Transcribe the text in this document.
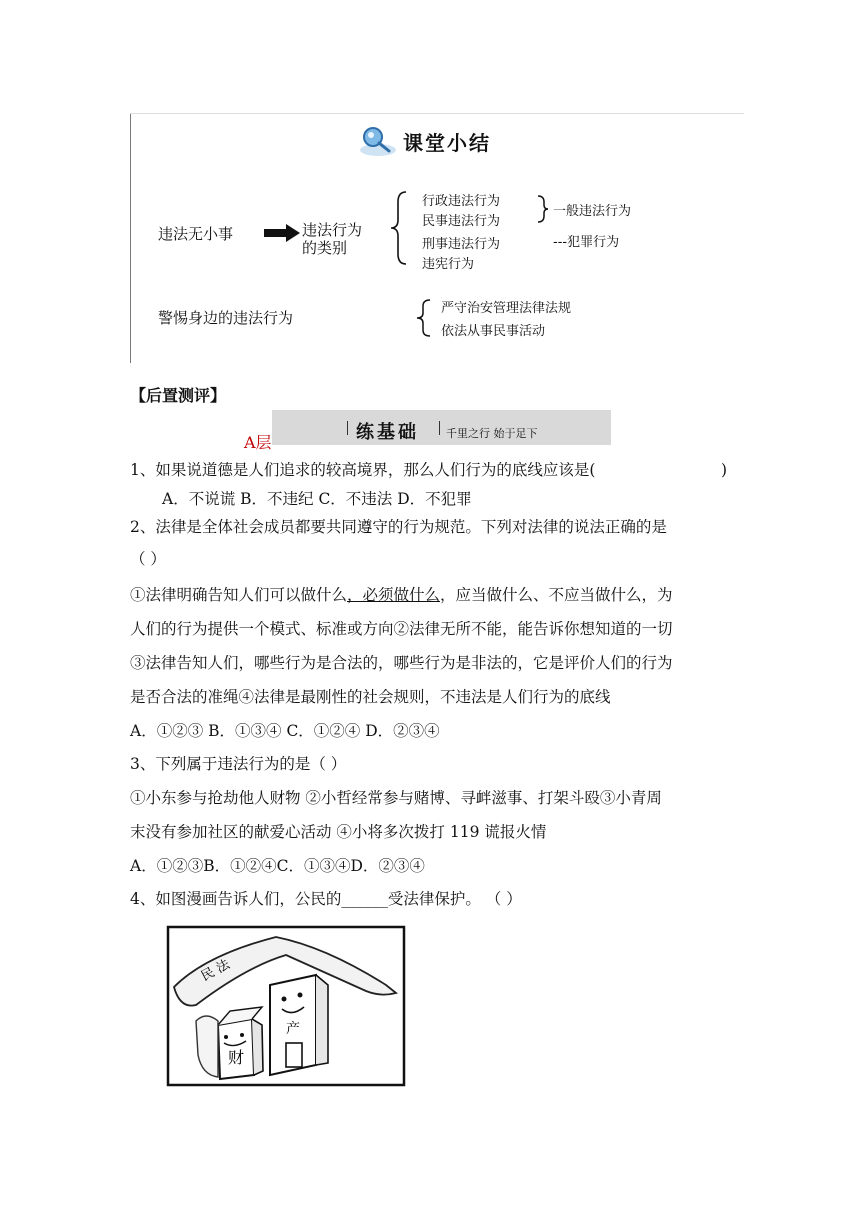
课堂小结
违法无小事	违法行为
的类别
行政违法行为
民事违法行为
刑事违法行为
违宪行为
一般违法行为
---犯罪行为
警惕身边的违法行为
严守治安管理法律法规
依法从事民事活动
【后置测评】
练基础 千里之行 始于足下
A层
1、如果说道德是人们追求的较高境界，那么人们行为的底线应该是(	)
A．不说谎 B．不违纪 C．不违法 D．不犯罪
2、法律是全体社会成员都要共同遵守的行为规范。下列对法律的说法正确的是
（ ）
①法律明确告知人们可以做什么，必须做什么，应当做什么、不应当做什么，为
人们的行为提供一个模式、标准或方向②法律无所不能，能告诉你想知道的一切
③法律告知人们，哪些行为是合法的，哪些行为是非法的，它是评价人们的行为
是否合法的准绳④法律是最刚性的社会规则，不违法是人们行为的底线
A．①②③ B．①③④ C．①②④ D．②③④
3、下列属于违法行为的是（ ）
①小东参与抢劫他人财物 ②小哲经常参与赌博、寻衅滋事、打架斗殴③小青周
末没有参加社区的献爱心活动 ④小将多次拨打 119 谎报火情
A．①②③B．①②④C．①③④D．②③④
4、如图漫画告诉人们，公民的______受法律保护。 （ ）
民 法
财
产
